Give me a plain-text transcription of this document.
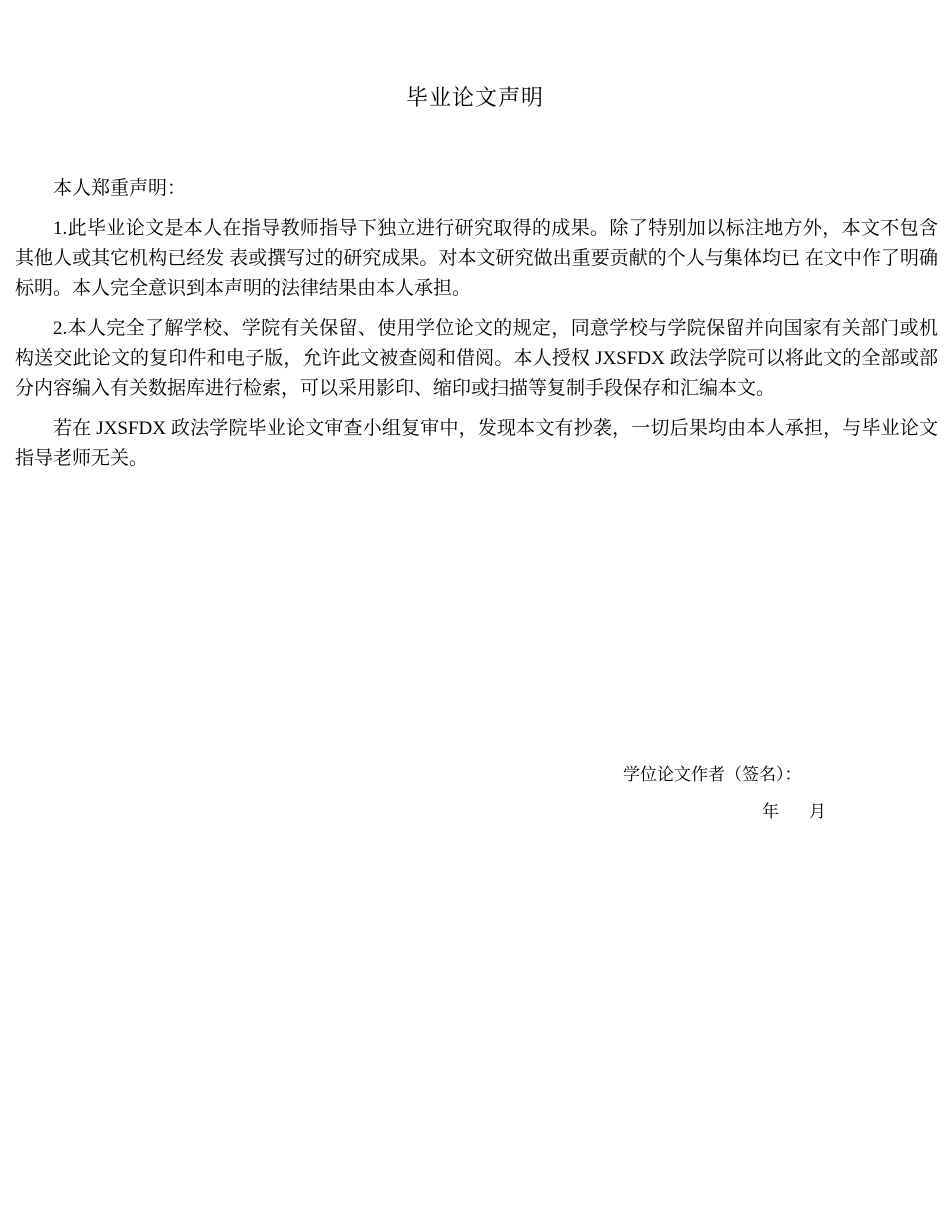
毕业论文声明

本人郑重声明：

1.此毕业论文是本人在指导教师指导下独立进行研究取得的成果。除了特别加以标注地方外，本文不包含其他人或其它机构已经发 表或撰写过的研究成果。对本文研究做出重要贡献的个人与集体均已 在文中作了明确标明。本人完全意识到本声明的法律结果由本人承担。

2.本人完全了解学校、学院有关保留、使用学位论文的规定，同意学校与学院保留并向国家有关部门或机构送交此论文的复印件和电子版，允许此文被查阅和借阅。本人授权 JXSFDX 政法学院可以将此文的全部或部分内容编入有关数据库进行检索，可以采用影印、缩印或扫描等复制手段保存和汇编本文。

若在 JXSFDX 政法学院毕业论文审查小组复审中，发现本文有抄袭，一切后果均由本人承担，与毕业论文指导老师无关。

学位论文作者（签名）：
年 月
